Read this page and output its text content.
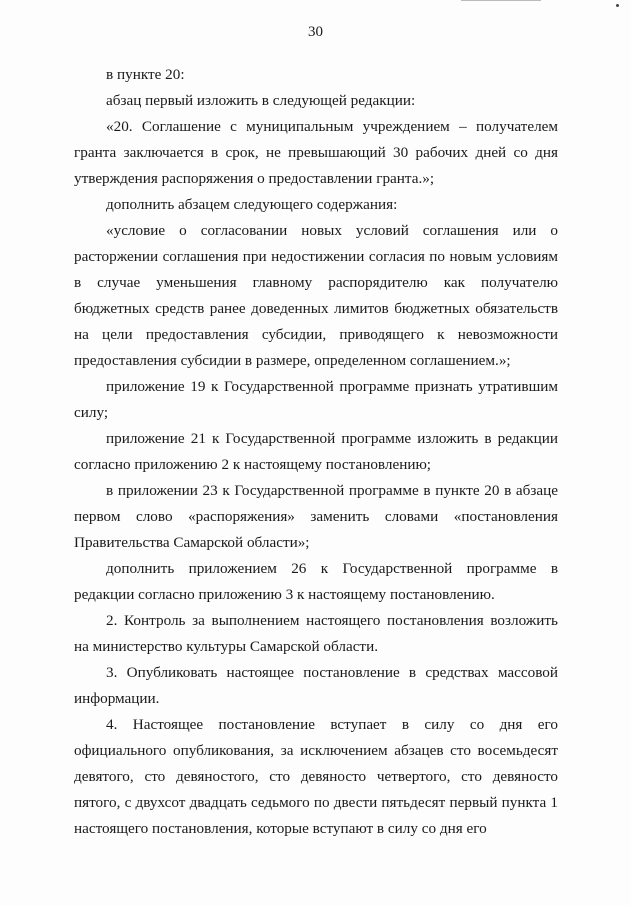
30

в пункте 20:

абзац первый изложить в следующей редакции:

«20. Соглашение с муниципальным учреждением – получателем гранта заключается в срок, не превышающий 30 рабочих дней со дня утверждения распоряжения о предоставлении гранта.»;

дополнить абзацем следующего содержания:

«условие о согласовании новых условий соглашения или о расторжении соглашения при недостижении согласия по новым условиям в случае уменьшения главному распорядителю как получателю бюджетных средств ранее доведенных лимитов бюджетных обязательств на цели предоставления субсидии, приводящего к невозможности предоставления субсидии в размере, определенном соглашением.»;

приложение 19 к Государственной программе признать утратившим силу;

приложение 21 к Государственной программе изложить в редакции согласно приложению 2 к настоящему постановлению;

в приложении 23 к Государственной программе в пункте 20 в абзаце первом слово «распоряжения» заменить словами «постановления Правительства Самарской области»;

дополнить приложением 26 к Государственной программе в редакции согласно приложению 3 к настоящему постановлению.

2. Контроль за выполнением настоящего постановления возложить на министерство культуры Самарской области.

3. Опубликовать настоящее постановление в средствах массовой информации.

4. Настоящее постановление вступает в силу со дня его официального опубликования, за исключением абзацев сто восемьдесят девятого, сто девяностого, сто девяносто четвертого, сто девяносто пятого, с двухсот двадцать седьмого по двести пятьдесят первый пункта 1 настоящего постановления, которые вступают в силу со дня его
